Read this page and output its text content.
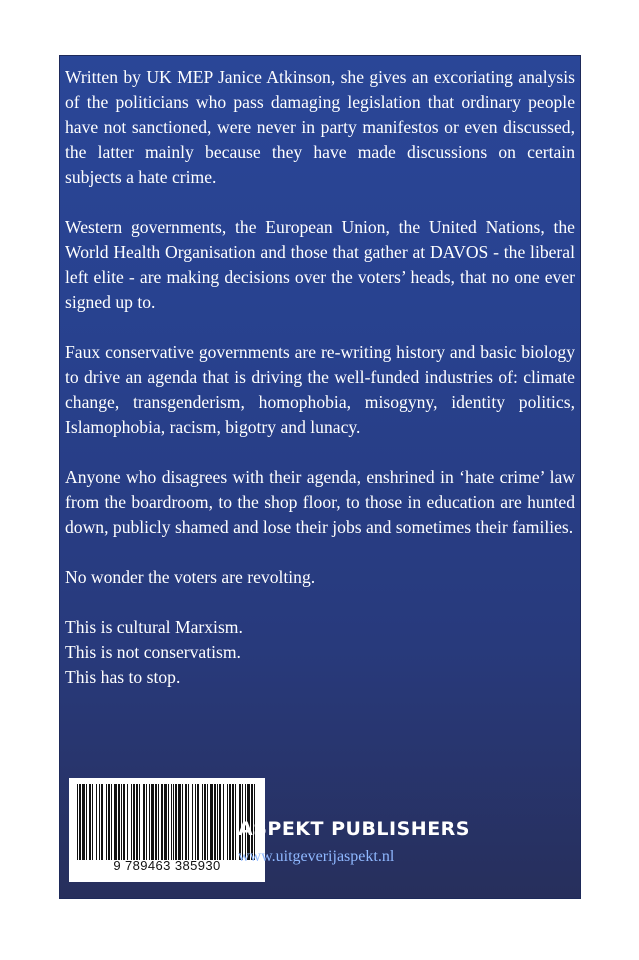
Written by UK MEP Janice Atkinson, she gives an excoriating analysis of the politicians who pass damaging legislation that ordinary people have not sanctioned, were never in party manifestos or even discussed, the latter mainly because they have made discussions on certain subjects a hate crime.

Western governments, the European Union, the United Nations, the World Health Organisation and those that gather at DAVOS - the liberal left elite - are making decisions over the voters’ heads, that no one ever signed up to.

Faux conservative governments are re-writing history and basic biology to drive an agenda that is driving the well-funded industries of: climate change, transgenderism, homophobia, misogyny, identity politics, Islamophobia, racism, bigotry and lunacy.

Anyone who disagrees with their agenda, enshrined in ‘hate crime’ law from the boardroom, to the shop floor, to those in education are hunted down, publicly shamed and lose their jobs and sometimes their families.

No wonder the voters are revolting.

This is cultural Marxism.
This is not conservatism.
This has to stop.

9 789463 385930
ASPEKT PUBLISHERS
www.uitgeverijaspekt.nl
